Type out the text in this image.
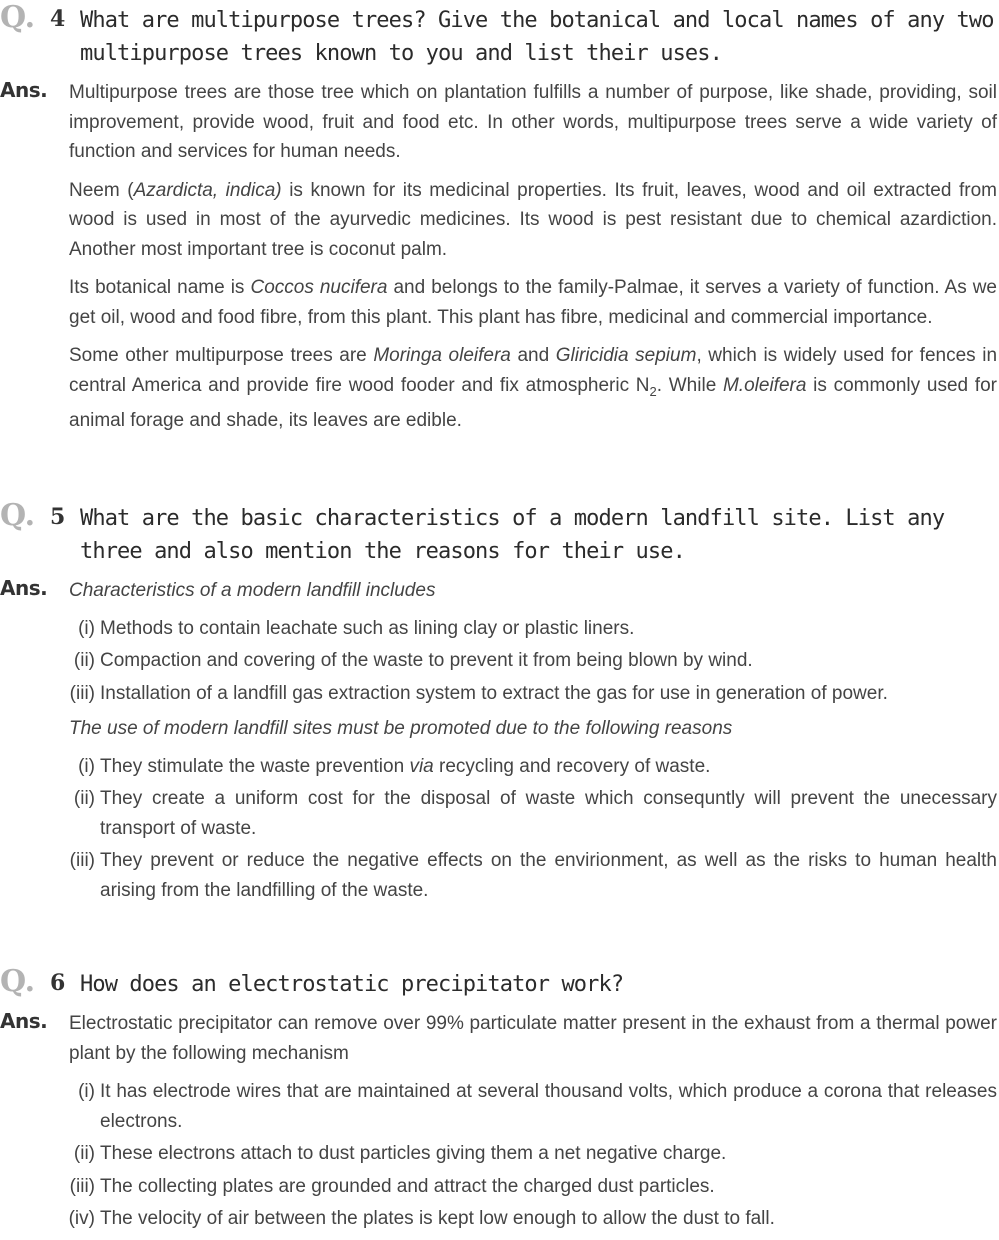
Q. 4 What are multipurpose trees? Give the botanical and local names of any two multipurpose trees known to you and list their uses.
Ans. Multipurpose trees are those tree which on plantation fulfills a number of purpose, like shade, providing, soil improvement, provide wood, fruit and food etc. In other words, multipurpose trees serve a wide variety of function and services for human needs.

Neem (Azardicta, indica) is known for its medicinal properties. Its fruit, leaves, wood and oil extracted from wood is used in most of the ayurvedic medicines. Its wood is pest resistant due to chemical azardiction. Another most important tree is coconut palm.

Its botanical name is Coccos nucifera and belongs to the family-Palmae, it serves a variety of function. As we get oil, wood and food fibre, from this plant. This plant has fibre, medicinal and commercial importance.

Some other multipurpose trees are Moringa oleifera and Gliricidia sepium, which is widely used for fences in central America and provide fire wood fooder and fix atmospheric $N_2$. While M.oleifera is commonly used for animal forage and shade, its leaves are edible.

Q. 5 What are the basic characteristics of a modern landfill site. List any three and also mention the reasons for their use.
Ans. Characteristics of a modern landfill includes

(i) Methods to contain leachate such as lining clay or plastic liners.
(ii) Compaction and covering of the waste to prevent it from being blown by wind.
(iii) Installation of a landfill gas extraction system to extract the gas for use in generation of power.

The use of modern landfill sites must be promoted due to the following reasons

(i) They stimulate the waste prevention via recycling and recovery of waste.
(ii) They create a uniform cost for the disposal of waste which consequntly will prevent the unecessary transport of waste.
(iii) They prevent or reduce the negative effects on the envirionment, as well as the risks to human health arising from the landfilling of the waste.
Q. 6 How does an electrostatic precipitator work?
Ans. Electrostatic precipitator can remove over 99% particulate matter present in the exhaust from a thermal power plant by the following mechanism

(i) It has electrode wires that are maintained at several thousand volts, which produce a corona that releases electrons.
(ii) These electrons attach to dust particles giving them a net negative charge.
(iii) The collecting plates are grounded and attract the charged dust particles.
(iv) The velocity of air between the plates is kept low enough to allow the dust to fall.
